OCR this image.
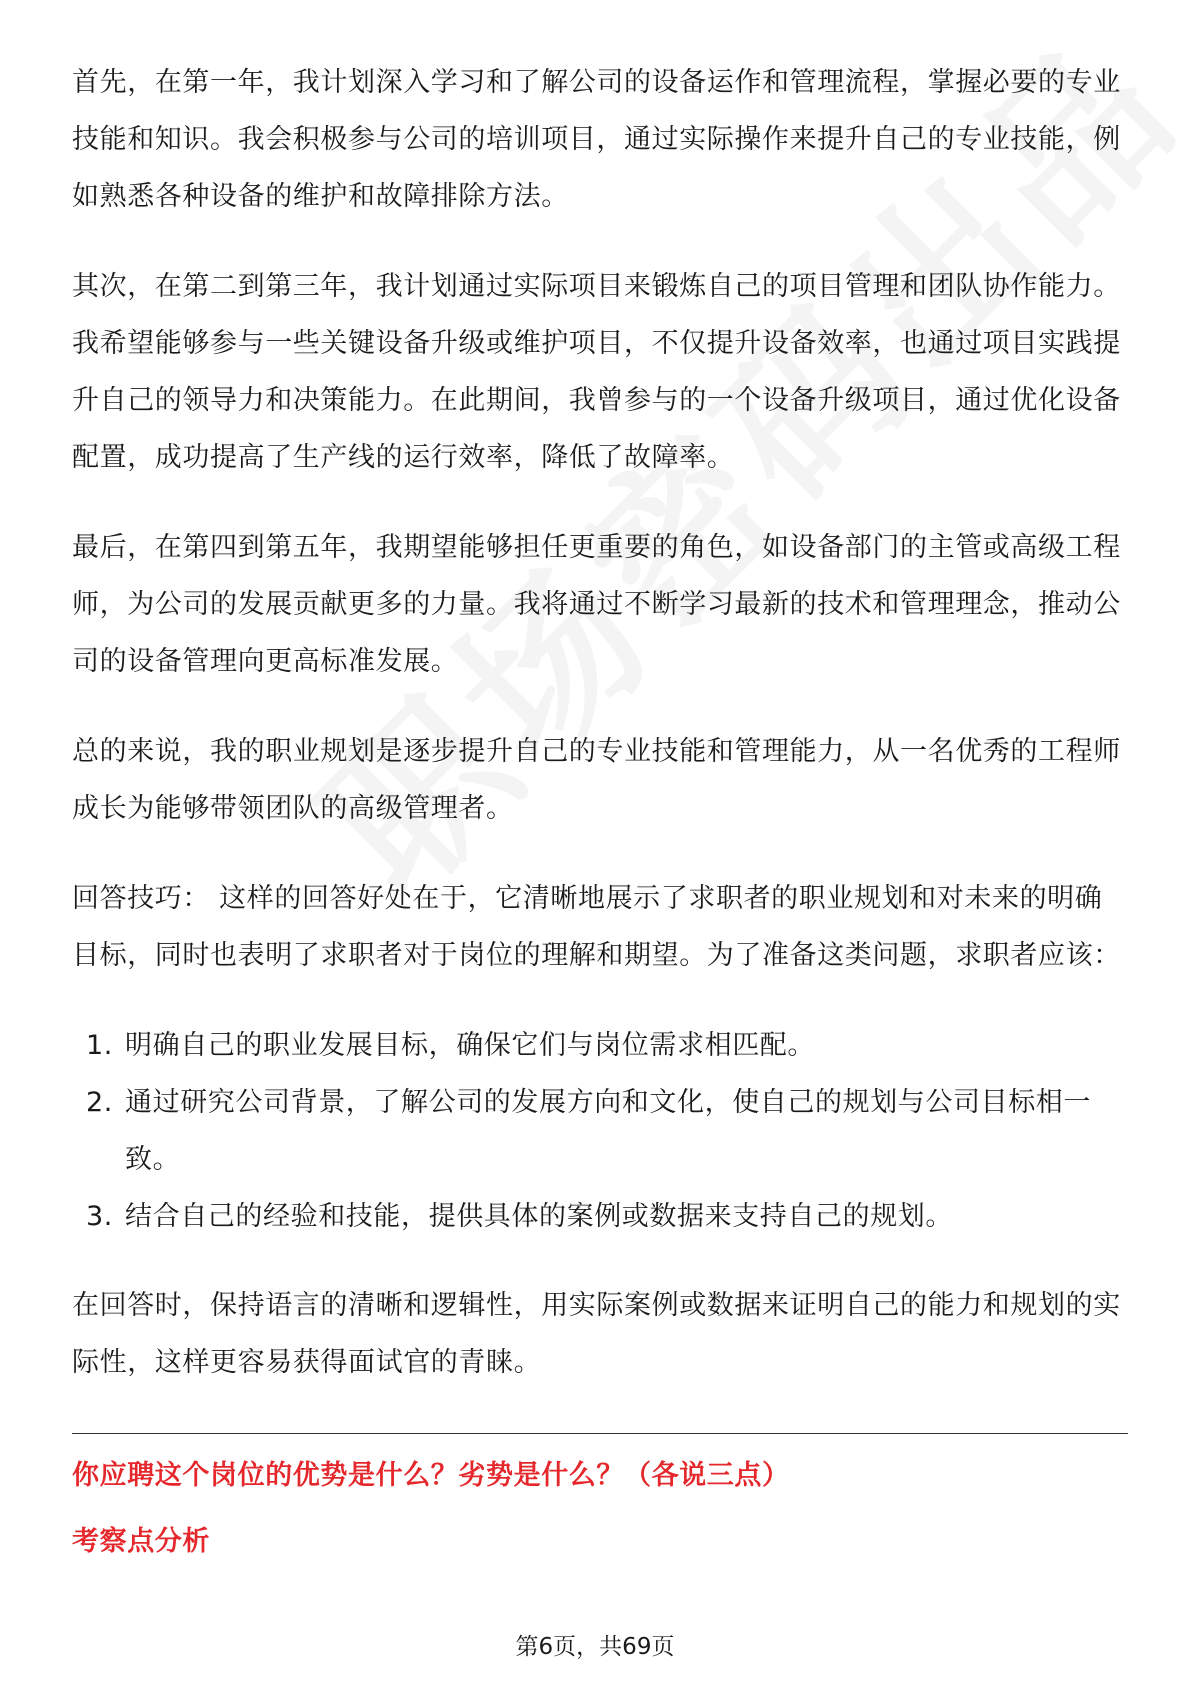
首先，在第一年，我计划深入学习和了解公司的设备运作和管理流程，掌握必要的专业技能和知识。我会积极参与公司的培训项目，通过实际操作来提升自己的专业技能，例如熟悉各种设备的维护和故障排除方法。

其次，在第二到第三年，我计划通过实际项目来锻炼自己的项目管理和团队协作能力。我希望能够参与一些关键设备升级或维护项目，不仅提升设备效率，也通过项目实践提升自己的领导力和决策能力。在此期间，我曾参与的一个设备升级项目，通过优化设备配置，成功提高了生产线的运行效率，降低了故障率。

最后，在第四到第五年，我期望能够担任更重要的角色，如设备部门的主管或高级工程师，为公司的发展贡献更多的力量。我将通过不断学习最新的技术和管理理念，推动公司的设备管理向更高标准发展。

总的来说，我的职业规划是逐步提升自己的专业技能和管理能力，从一名优秀的工程师成长为能够带领团队的高级管理者。

回答技巧： 这样的回答好处在于，它清晰地展示了求职者的职业规划和对未来的明确目标，同时也表明了求职者对于岗位的理解和期望。为了准备这类问题，求职者应该：

1. 明确自己的职业发展目标，确保它们与岗位需求相匹配。
2. 通过研究公司背景，了解公司的发展方向和文化，使自己的规划与公司目标相一致。
3. 结合自己的经验和技能，提供具体的案例或数据来支持自己的规划。

在回答时，保持语言的清晰和逻辑性，用实际案例或数据来证明自己的能力和规划的实际性，这样更容易获得面试官的青睐。

你应聘这个岗位的优势是什么？劣势是什么？（各说三点）
考察点分析
第6页，共69页
